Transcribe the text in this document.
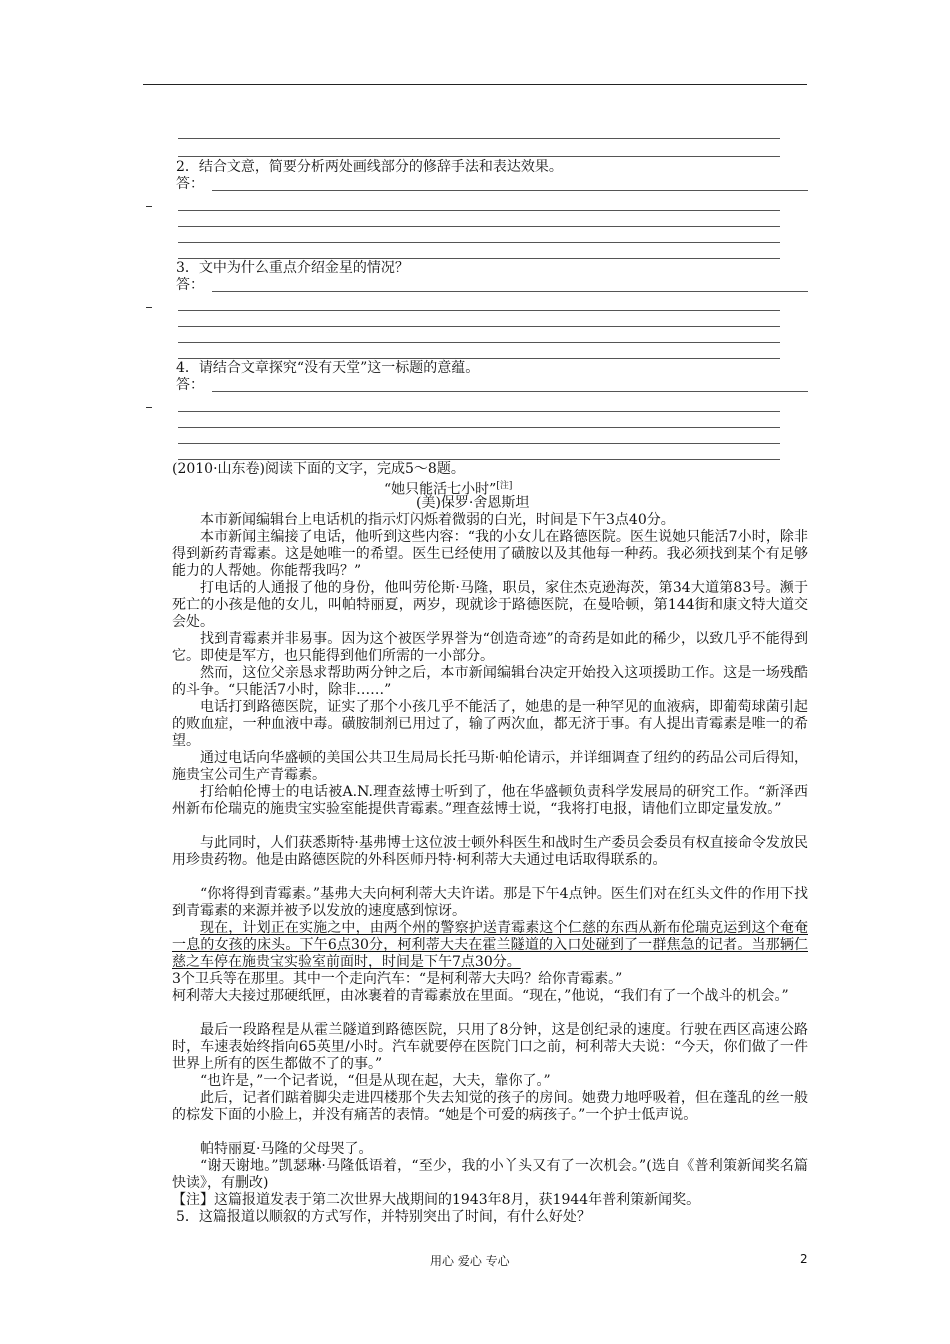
2．结合文意，简要分析两处画线部分的修辞手法和表达效果。
答：
3．文中为什么重点介绍金星的情况？
答：
4．请结合文章探究“没有天堂”这一标题的意蕴。
答：
(2010·山东卷)阅读下面的文字，完成5～8题。
“她只能活七小时”[注]
(美)保罗·舍恩斯坦
本市新闻编辑台上电话机的指示灯闪烁着微弱的白光，时间是下午3点40分。
本市新闻主编接了电话，他听到这些内容：“我的小女儿在路德医院。医生说她只能活7小时，除非得到新药青霉素。这是她唯一的希望。医生已经使用了磺胺以及其他每一种药。我必须找到某个有足够能力的人帮她。你能帮我吗？”
打电话的人通报了他的身份，他叫劳伦斯·马隆，职员，家住杰克逊海茨，第34大道第83号。濒于死亡的小孩是他的女儿，叫帕特丽夏，两岁，现就诊于路德医院，在曼哈顿，第144街和康文特大道交会处。
找到青霉素并非易事。因为这个被医学界誉为“创造奇迹”的奇药是如此的稀少，以致几乎不能得到它。即使是军方，也只能得到他们所需的一小部分。
然而，这位父亲恳求帮助两分钟之后，本市新闻编辑台决定开始投入这项援助工作。这是一场残酷的斗争。“只能活7小时，除非……”
电话打到路德医院，证实了那个小孩几乎不能活了，她患的是一种罕见的血液病，即葡萄球菌引起的败血症，一种血液中毒。磺胺制剂已用过了，输了两次血，都无济于事。有人提出青霉素是唯一的希望。
通过电话向华盛顿的美国公共卫生局局长托马斯·帕伦请示，并详细调查了纽约的药品公司后得知，施贵宝公司生产青霉素。
打给帕伦博士的电话被A.N.理查兹博士听到了，他在华盛顿负责科学发展局的研究工作。“新泽西州新布伦瑞克的施贵宝实验室能提供青霉素。”理查兹博士说，“我将打电报，请他们立即定量发放。”
与此同时，人们获悉斯特·基弗博士这位波士顿外科医生和战时生产委员会委员有权直接命令发放民用珍贵药物。他是由路德医院的外科医师丹特·柯利蒂大夫通过电话取得联系的。
“你将得到青霉素。”基弗大夫向柯利蒂大夫许诺。那是下午4点钟。医生们对在红头文件的作用下找到青霉素的来源并被予以发放的速度感到惊讶。
现在，计划正在实施之中，由两个州的警察护送青霉素这个仁慈的东西从新布伦瑞克运到这个奄奄一息的女孩的床头。下午6点30分，柯利蒂大夫在霍兰隧道的入口处碰到了一群焦急的记者。当那辆仁慈之车停在施贵宝实验室前面时，时间是下午7点30分。
3个卫兵等在那里。其中一个走向汽车：“是柯利蒂大夫吗？给你青霉素。”
柯利蒂大夫接过那硬纸匣，由冰裹着的青霉素放在里面。“现在，”他说，“我们有了一个战斗的机会。”
最后一段路程是从霍兰隧道到路德医院，只用了8分钟，这是创纪录的速度。行驶在西区高速公路时，车速表始终指向65英里/小时。汽车就要停在医院门口之前，柯利蒂大夫说：“今天，你们做了一件世界上所有的医生都做不了的事。”
“也许是，”一个记者说，“但是从现在起，大夫，靠你了。”
此后，记者们踮着脚尖走进四楼那个失去知觉的孩子的房间。她费力地呼吸着，但在蓬乱的丝一般的棕发下面的小脸上，并没有痛苦的表情。“她是个可爱的病孩子。”一个护士低声说。
帕特丽夏·马隆的父母哭了。
“谢天谢地。”凯瑟琳·马隆低语着，“至少，我的小丫头又有了一次机会。”(选自《普利策新闻奖名篇快读》，有删改)
【注】这篇报道发表于第二次世界大战期间的1943年8月，获1944年普利策新闻奖。
5．这篇报道以顺叙的方式写作，并特别突出了时间，有什么好处？
用心 爱心 专心	2
